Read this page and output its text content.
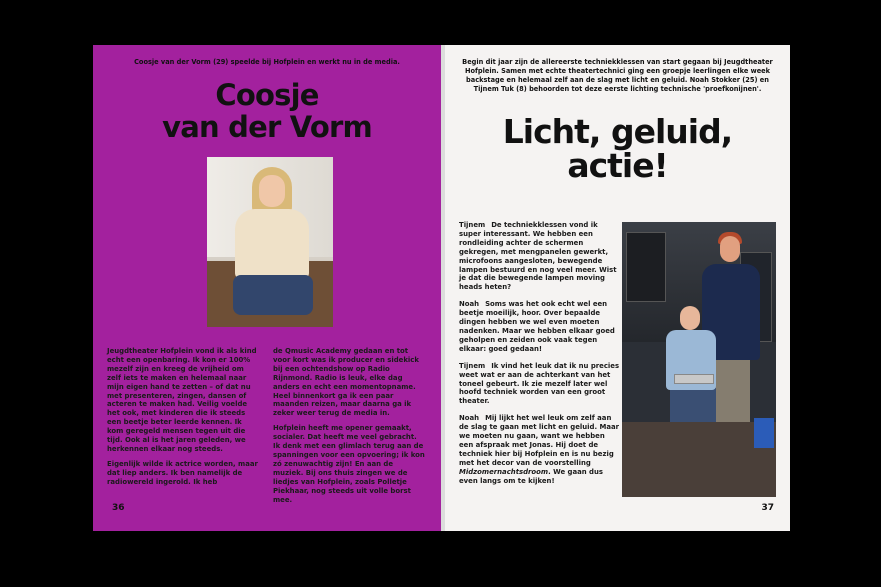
Coosje van der Vorm (29) speelde bij Hofplein en werkt nu in de media.

Coosje
van der Vorm

Jeugdtheater Hofplein vond ik als kind echt een openbaring. Ik kon er 100% mezelf zijn en kreeg de vrijheid om zelf iets te maken en helemaal naar mijn eigen hand te zetten – of dat nu met presenteren, zingen, dansen of acteren te maken had. Veilig voelde het ook, met kinderen die ik steeds een beetje beter leerde kennen. Ik kom geregeld mensen tegen uit die tijd. Ook al is het jaren geleden, we herkennen elkaar nog steeds.

Eigenlijk wilde ik actrice worden, maar dat liep anders. Ik ben namelijk de radiowereld ingerold. Ik heb

de Qmusic Academy gedaan en tot voor kort was ik producer en sidekick bij een ochtendshow op Radio Rijnmond. Radio is leuk, elke dag anders en echt een momentopname. Heel binnenkort ga ik een paar maanden reizen, maar daarna ga ik zeker weer terug de media in.

Hofplein heeft me opener gemaakt, socialer. Dat heeft me veel gebracht. Ik denk met een glimlach terug aan de spanningen voor een opvoering; ik kon zó zenuwachtig zijn! En aan de muziek. Bij ons thuis zingen we de liedjes van Hofplein, zoals Polletje Piekhaar, nog steeds uit volle borst mee.

36

Begin dit jaar zijn de allereerste techniekklessen van start gegaan bij Jeugdtheater Hofplein. Samen met echte theatertechnici ging een groepje leerlingen elke week backstage en helemaal zelf aan de slag met licht en geluid. Noah Stokker (25) en Tijnem Tuk (8) behoorden tot deze eerste lichting technische 'proefkonijnen'.

Licht, geluid,
actie!

Tijnem De techniekklessen vond ik super interessant. We hebben een rondleiding achter de schermen gekregen, met mengpanelen gewerkt, microfoons aangesloten, bewegende lampen bestuurd en nog veel meer. Wist je dat die bewegende lampen moving heads heten?

Noah Soms was het ook echt wel een beetje moeilijk, hoor. Over bepaalde dingen hebben we wel even moeten nadenken. Maar we hebben elkaar goed geholpen en zeiden ook vaak tegen elkaar: goed gedaan!

Tijnem Ik vind het leuk dat ik nu precies weet wat er aan de achterkant van het toneel gebeurt. Ik zie mezelf later wel hoofd techniek worden van een groot theater.

Noah Mij lijkt het wel leuk om zelf aan de slag te gaan met licht en geluid. Maar we moeten nu gaan, want we hebben een afspraak met Jonas. Hij doet de techniek hier bij Hofplein en is nu bezig met het decor van de voorstelling Midzomernachtsdroom. We gaan dus even langs om te kijken!

37
